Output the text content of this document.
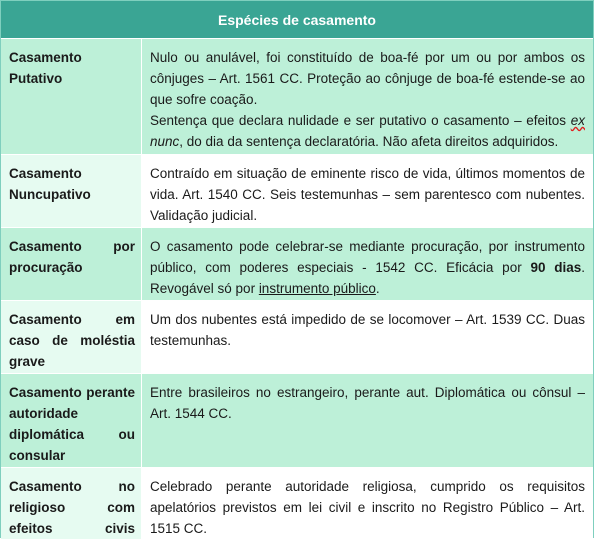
Espécies de casamento
Casamento Putativo
Nulo ou anulável, foi constituído de boa-fé por um ou por ambos os cônjuges – Art. 1561 CC. Proteção ao cônjuge de boa-fé estende-se ao que sofre coação.
Sentença que declara nulidade e ser putativo o casamento – efeitos ex nunc, do dia da sentença declaratória. Não afeta direitos adquiridos.
Casamento Nuncupativo
Contraído em situação de eminente risco de vida, últimos momentos de vida. Art. 1540 CC. Seis testemunhas – sem parentesco com nubentes. Validação judicial.
Casamento por procuração
O casamento pode celebrar-se mediante procuração, por instrumento público, com poderes especiais - 1542 CC. Eficácia por 90 dias. Revogável só por instrumento público.
Casamento em caso de moléstia grave
Um dos nubentes está impedido de se locomover – Art. 1539 CC. Duas testemunhas.
Casamento perante autoridade diplomática ou consular
Entre brasileiros no estrangeiro, perante aut. Diplomática ou cônsul – Art. 1544 CC.
Casamento no religioso com efeitos civis
Celebrado perante autoridade religiosa, cumprido os requisitos apelatórios previstos em lei civil e inscrito no Registro Público – Art. 1515 CC.
